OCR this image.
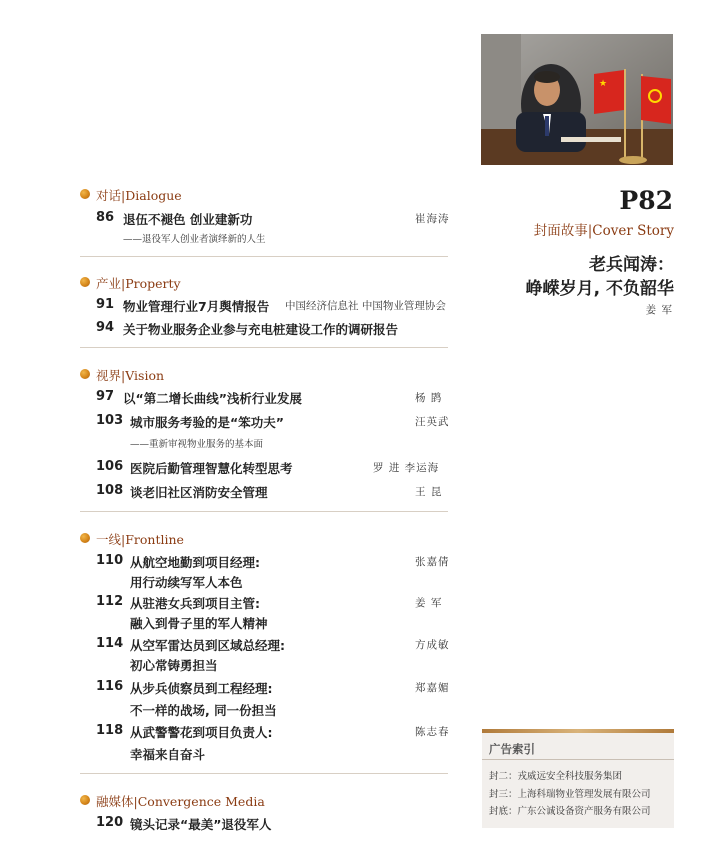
★
对话|Dialogue
86 退伍不褪色 创业建新功	崔海涛
——退役军人创业者演绎新的人生
产业|Property
91 物业管理行业7月舆情报告 中国经济信息社 中国物业管理协会
94 关于物业服务企业参与充电桩建设工作的调研报告
视界|Vision
97 以“第二增长曲线”浅析行业发展	杨 鹍
103 城市服务考验的是“笨功夫”	汪英武
——重新审视物业服务的基本面
106 医院后勤管理智慧化转型思考	罗 进 李运海
108 谈老旧社区消防安全管理	王 昆
一线|Frontline
110 从航空地勤到项目经理:
用行动续写军人本色
张嘉倩
112 从驻港女兵到项目主管:
融入到骨子里的军人精神
姜 军
114 从空军雷达员到区域总经理:
初心常铸勇担当
方成敏
116 从步兵侦察员到工程经理:
不一样的战场, 同一份担当
郑嘉媚
118 从武警警花到项目负责人:
幸福来自奋斗
陈志春
融媒体|Convergence Media
120 镜头记录“最美”退役军人
P82
封面故事|Cover Story
老兵闻涛：
峥嵘岁月, 不负韶华
姜 军
广告索引
封二：戎威远安全科技服务集团
封三：上海科瑞物业管理发展有限公司
封底：广东公诚设备资产服务有限公司
